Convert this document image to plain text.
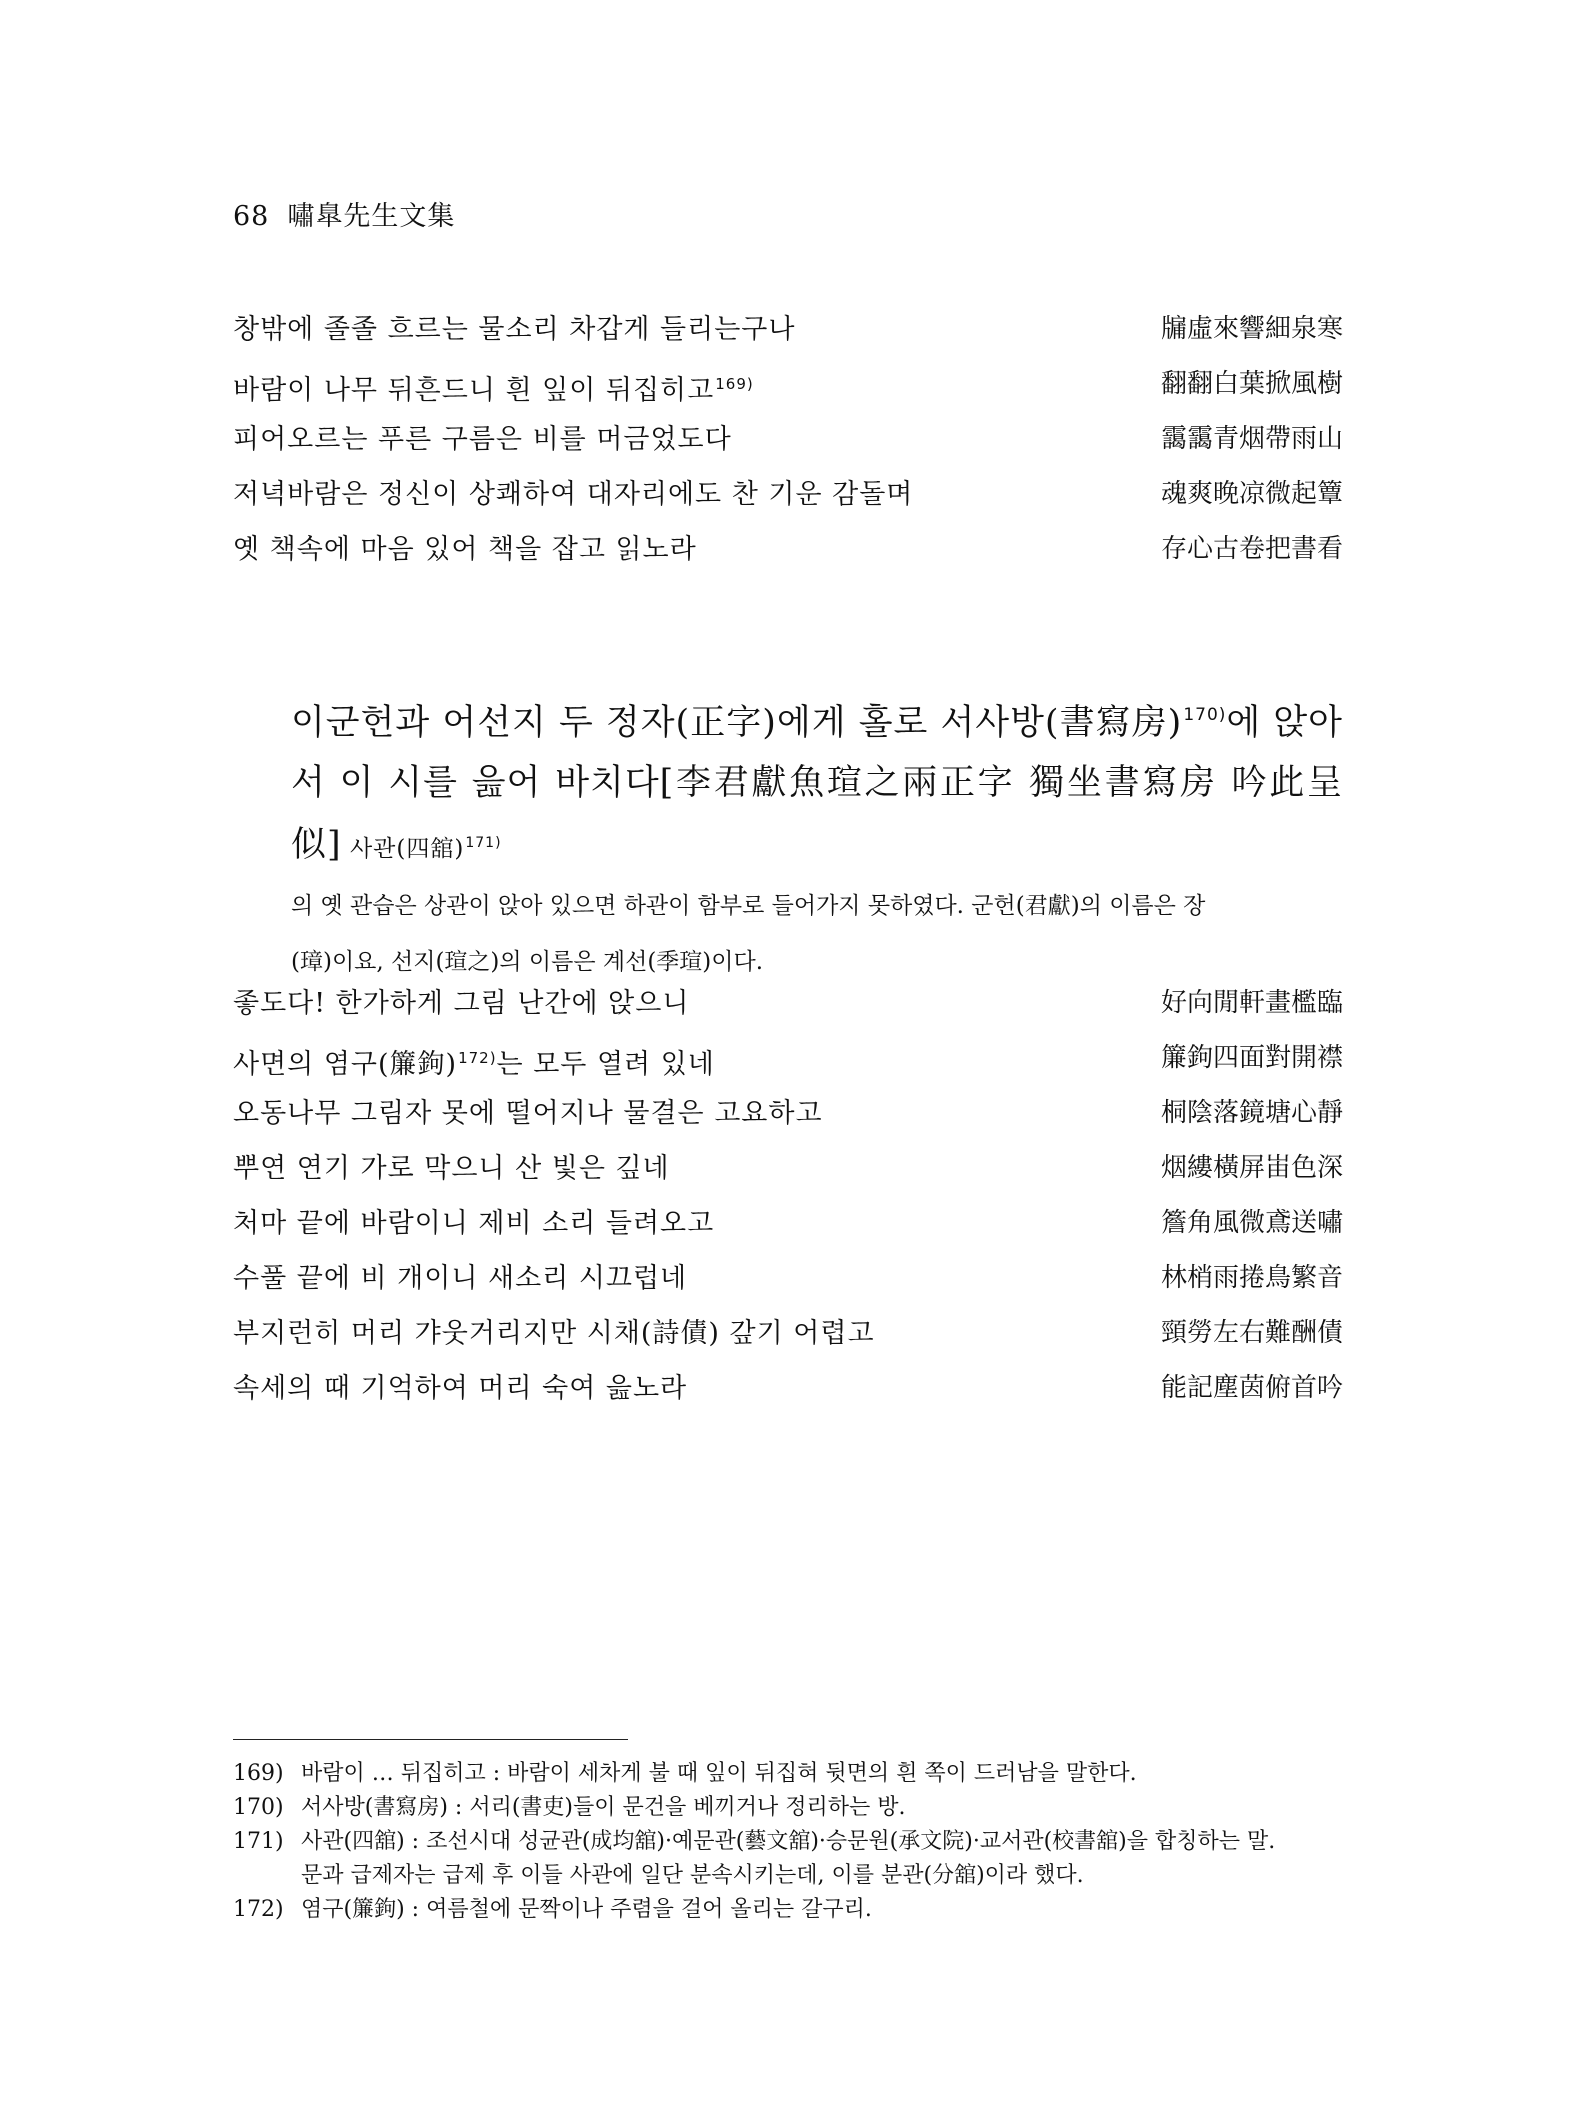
68 嘯臯先生文集
창밖에 졸졸 흐르는 물소리 차갑게 들리는구나	牖虛來響細泉寒
바람이 나무 뒤흔드니 흰 잎이 뒤집히고$^{169)}$	翻翻白葉掀風樹
피어오르는 푸른 구름은 비를 머금었도다	靄靄青烟帶雨山
저녁바람은 정신이 상쾌하여 대자리에도 찬 기운 감돌며	魂爽晚凉微起簟
옛 책속에 마음 있어 책을 잡고 읽노라	存心古卷把書看
이군헌과 어선지 두 정자(正字)에게 홀로 서사방(書寫房)$^{170)}$에 앉아서 이 시를 읊어 바치다[李君獻魚瑄之兩正字 獨坐書寫房 吟此呈似] 사관(四舘)$^{171)}$
의 옛 관습은 상관이 앉아 있으면 하관이 함부로 들어가지 못하였다. 군헌(君獻)의 이름은 장
(璋)이요, 선지(瑄之)의 이름은 계선(季瑄)이다.
좋도다! 한가하게 그림 난간에 앉으니	好向閒軒畫檻臨
사면의 염구(簾鉤)$^{172)}$는 모두 열려 있네	簾鉤四面對開襟
오동나무 그림자 못에 떨어지나 물결은 고요하고	桐陰落鏡塘心靜
뿌연 연기 가로 막으니 산 빛은 깊네	烟縷橫屏峀色深
처마 끝에 바람이니 제비 소리 들려오고	簷角風微鳶送嘯
수풀 끝에 비 개이니 새소리 시끄럽네	林梢雨捲鳥繁音
부지런히 머리 갸웃거리지만 시채(詩債) 갚기 어렵고	頸勞左右難酬債
속세의 때 기억하여 머리 숙여 읊노라	能記塵茵俯首吟
169) 바람이 … 뒤집히고 : 바람이 세차게 불 때 잎이 뒤집혀 뒷면의 흰 쪽이 드러남을 말한다.
170) 서사방(書寫房) : 서리(書吏)들이 문건을 베끼거나 정리하는 방.
171) 사관(四舘) : 조선시대 성균관(成均舘)·예문관(藝文舘)·승문원(承文院)·교서관(校書舘)을 합칭하는 말.
문과 급제자는 급제 후 이들 사관에 일단 분속시키는데, 이를 분관(分舘)이라 했다.
172) 염구(簾鉤) : 여름철에 문짝이나 주렴을 걸어 올리는 갈구리.
